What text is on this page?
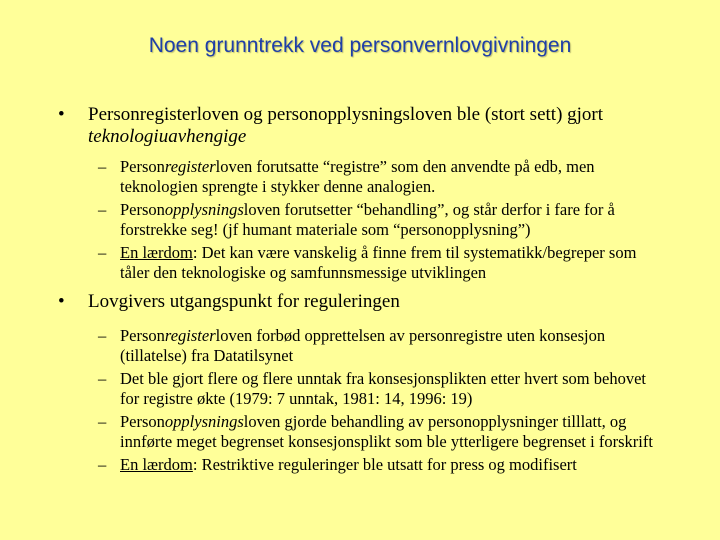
Noen grunntrekk ved personvernlovgivningen
•	Personregisterloven og personopplysningsloven ble (stort sett) gjort teknologiuavhengige
– Personregisterloven forutsatte “registre” som den anvendte på edb, men teknologien sprengte i stykker denne analogien.
– Personopplysningsloven forutsetter “behandling”, og står derfor i fare for å forstrekke seg! (jf humant materiale som “personopplysning”)
– En lærdom: Det kan være vanskelig å finne frem til systematikk/begreper som tåler den teknologiske og samfunnsmessige utviklingen
•	Lovgivers utgangspunkt for reguleringen
– Personregisterloven forbød opprettelsen av personregistre uten konsesjon (tillatelse) fra Datatilsynet
– Det ble gjort flere og flere unntak fra konsesjonsplikten etter hvert som behovet for registre økte (1979: 7 unntak, 1981: 14, 1996: 19)
– Personopplysningsloven gjorde behandling av personopplysninger tilllatt, og innførte meget begrenset konsesjonsplikt som ble ytterligere begrenset i forskrift
– En lærdom: Restriktive reguleringer ble utsatt for press og modifisert
